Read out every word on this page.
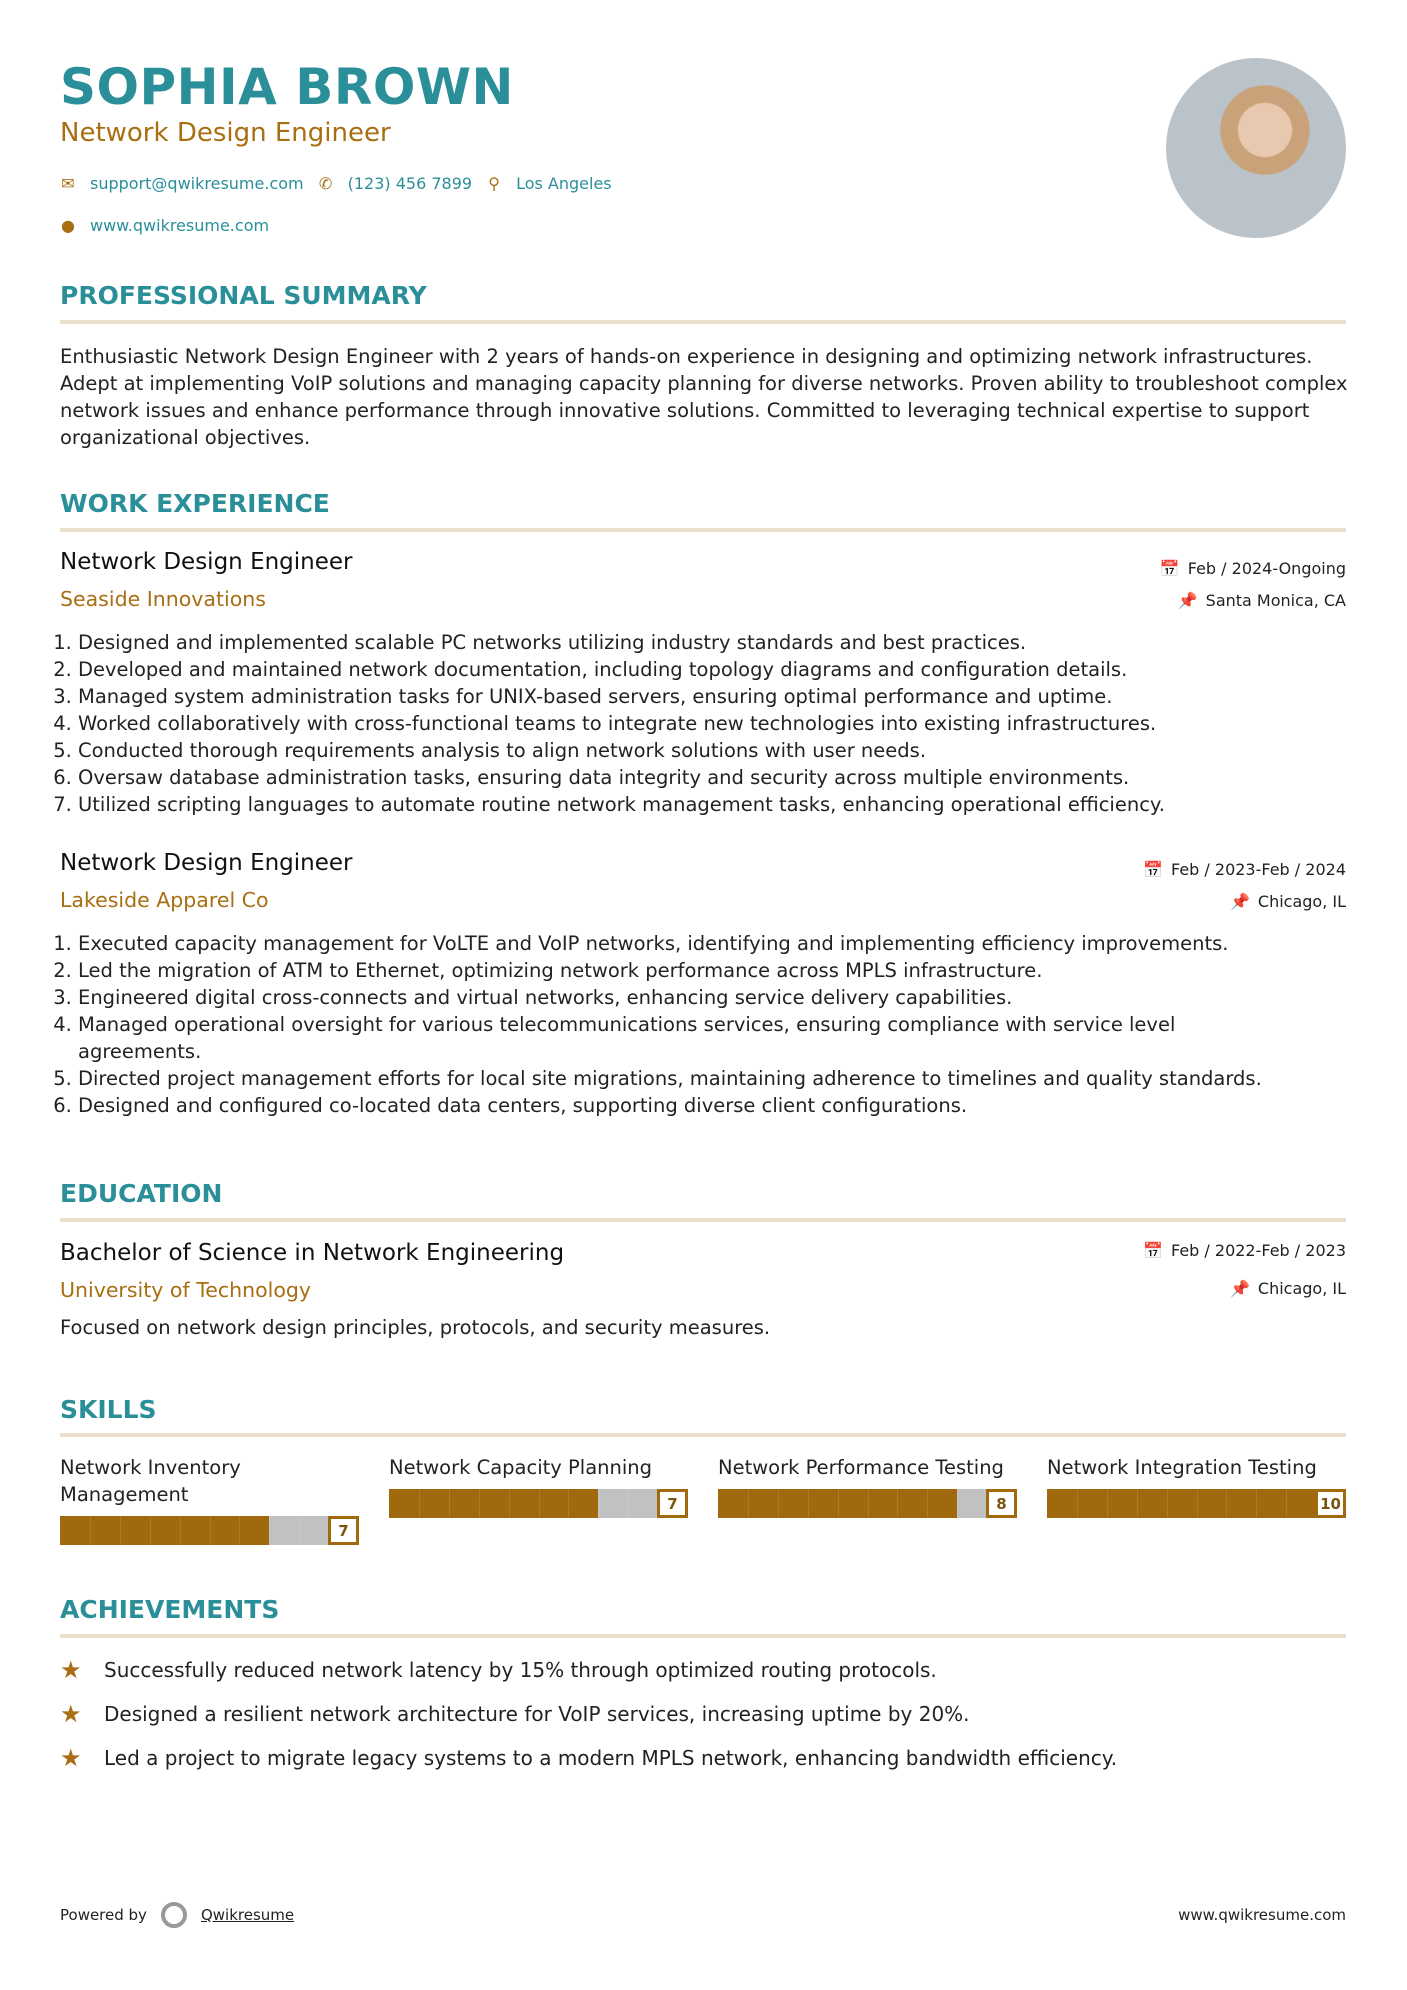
SOPHIA BROWN
Network Design Engineer
✉ support@qwikresume.com ✆ (123) 456 7899 ⚲ Los Angeles
● www.qwikresume.com
PROFESSIONAL SUMMARY
Enthusiastic Network Design Engineer with 2 years of hands-on experience in designing and optimizing network infrastructures. Adept at implementing VoIP solutions and managing capacity planning for diverse networks. Proven ability to troubleshoot complex network issues and enhance performance through innovative solutions. Committed to leveraging technical expertise to support organizational objectives.
WORK EXPERIENCE
Network Design Engineer
Seaside Innovations
📅 Feb / 2024-Ongoing
📌 Santa Monica, CA
1. Designed and implemented scalable PC networks utilizing industry standards and best practices.
2. Developed and maintained network documentation, including topology diagrams and configuration details.
3. Managed system administration tasks for UNIX-based servers, ensuring optimal performance and uptime.
4. Worked collaboratively with cross-functional teams to integrate new technologies into existing infrastructures.
5. Conducted thorough requirements analysis to align network solutions with user needs.
6. Oversaw database administration tasks, ensuring data integrity and security across multiple environments.
7. Utilized scripting languages to automate routine network management tasks, enhancing operational efficiency.
Network Design Engineer
Lakeside Apparel Co
📅 Feb / 2023-Feb / 2024
📌 Chicago, IL
1. Executed capacity management for VoLTE and VoIP networks, identifying and implementing efficiency improvements.
2. Led the migration of ATM to Ethernet, optimizing network performance across MPLS infrastructure.
3. Engineered digital cross-connects and virtual networks, enhancing service delivery capabilities.
4. Managed operational oversight for various telecommunications services, ensuring compliance with service level agreements.
5. Directed project management efforts for local site migrations, maintaining adherence to timelines and quality standards.
6. Designed and configured co-located data centers, supporting diverse client configurations.
EDUCATION
Bachelor of Science in Network Engineering
University of Technology
📅 Feb / 2022-Feb / 2023
📌 Chicago, IL
Focused on network design principles, protocols, and security measures.
SKILLS
Network Inventory Management
7
Network Capacity Planning
7
Network Performance Testing
8
Network Integration Testing
10
ACHIEVEMENTS
★	Successfully reduced network latency by 15% through optimized routing protocols.
★	Designed a resilient network architecture for VoIP services, increasing uptime by 20%.
★	Led a project to migrate legacy systems to a modern MPLS network, enhancing bandwidth efficiency.
Powered by	Qwikresume	www.qwikresume.com
